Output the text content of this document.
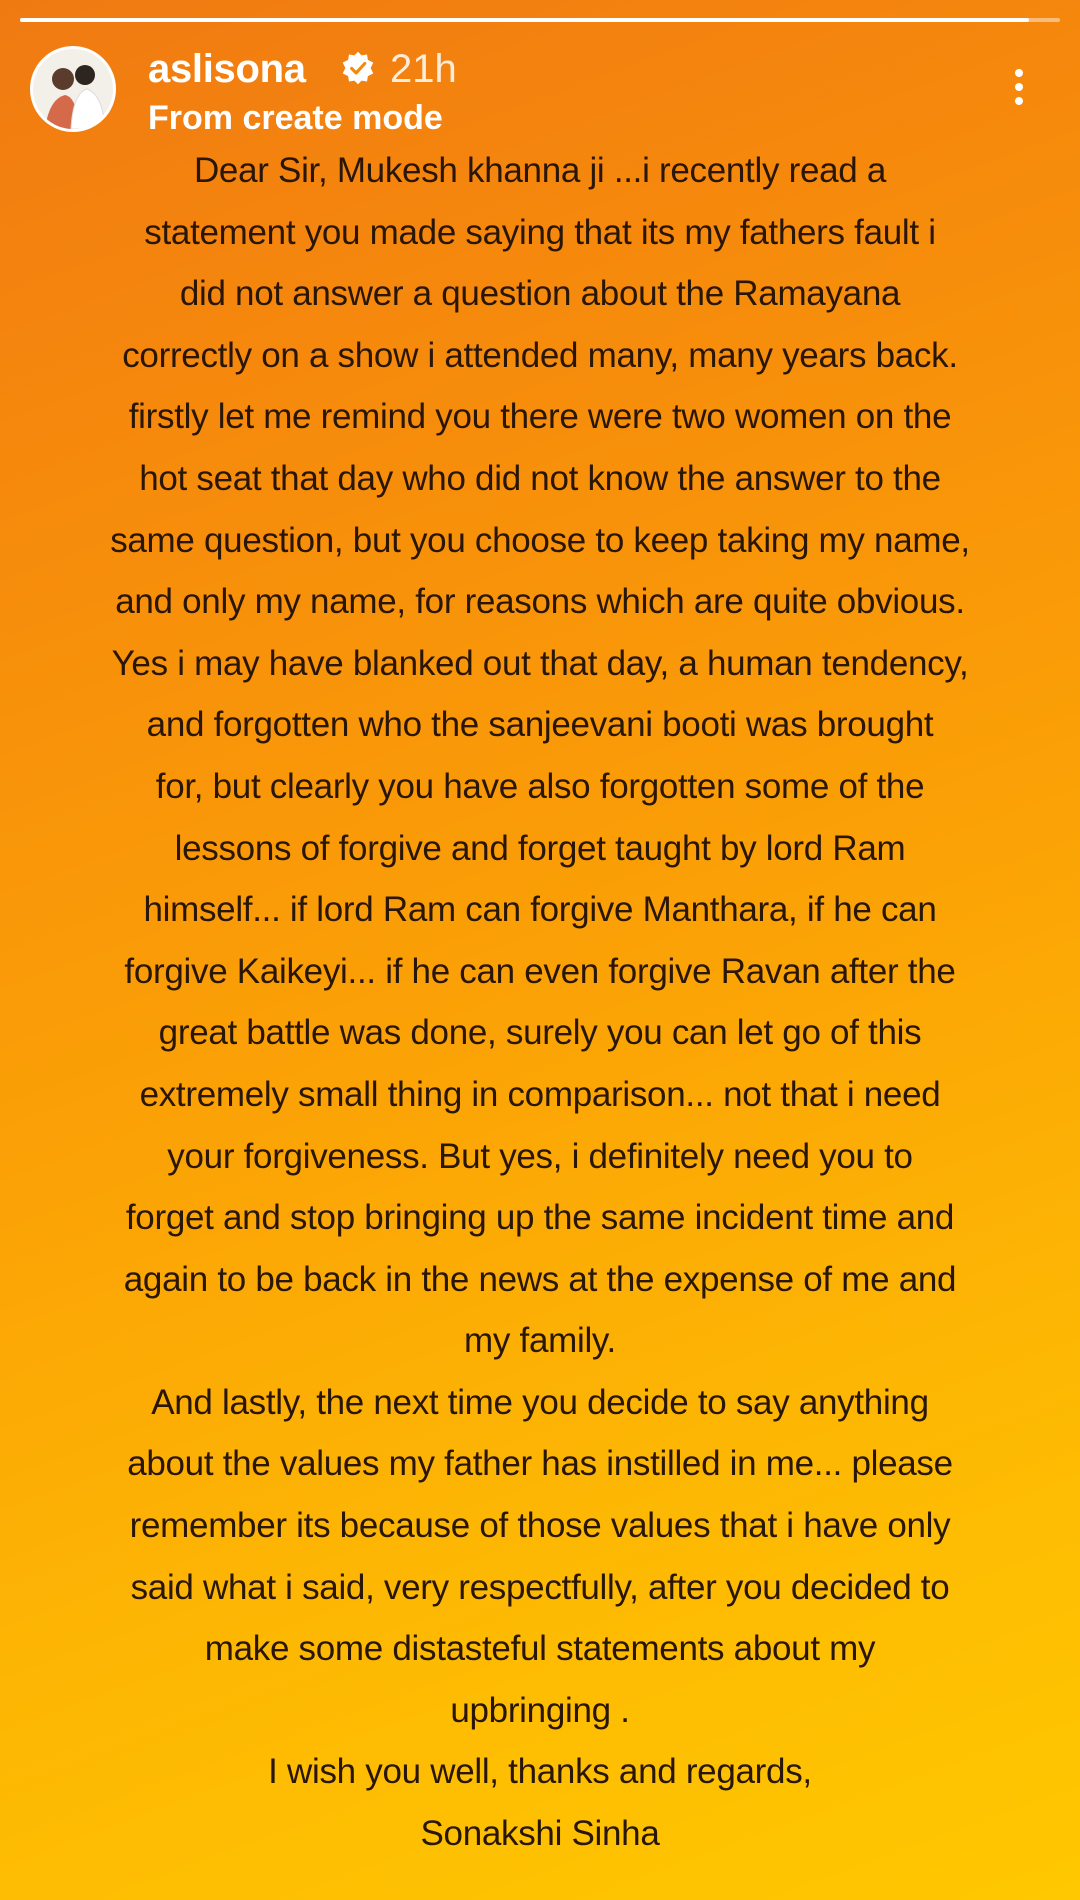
aslisona 21h
From create mode

Dear Sir, Mukesh khanna ji ...i recently read a

statement you made saying that its my fathers fault i

did not answer a question about the Ramayana

correctly on a show i attended many, many years back.

firstly let me remind you there were two women on the

hot seat that day who did not know the answer to the

same question, but you choose to keep taking my name,

and only my name, for reasons which are quite obvious.

Yes i may have blanked out that day, a human tendency,

and forgotten who the sanjeevani booti was brought

for, but clearly you have also forgotten some of the

lessons of forgive and forget taught by lord Ram

himself... if lord Ram can forgive Manthara, if he can

forgive Kaikeyi... if he can even forgive Ravan after the

great battle was done, surely you can let go of this

extremely small thing in comparison... not that i need

your forgiveness. But yes, i definitely need you to

forget and stop bringing up the same incident time and

again to be back in the news at the expense of me and

my family.

And lastly, the next time you decide to say anything

about the values my father has instilled in me... please

remember its because of those values that i have only

said what i said, very respectfully, after you decided to

make some distasteful statements about my

upbringing .

I wish you well, thanks and regards,

Sonakshi Sinha
